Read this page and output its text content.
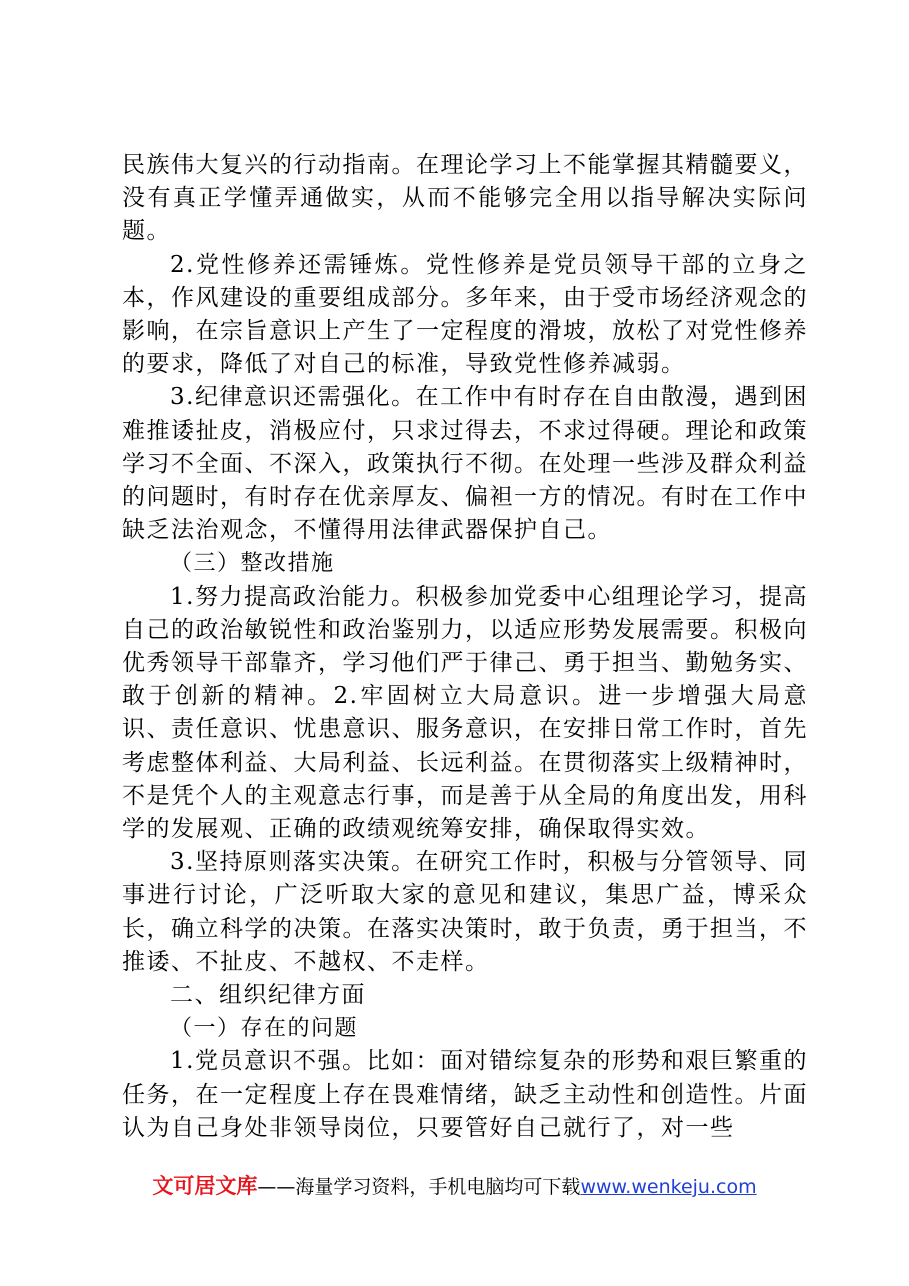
民族伟大复兴的行动指南。在理论学习上不能掌握其精髓要义，没有真正学懂弄通做实，从而不能够完全用以指导解决实际问题。

2.党性修养还需锤炼。党性修养是党员领导干部的立身之本，作风建设的重要组成部分。多年来，由于受市场经济观念的影响，在宗旨意识上产生了一定程度的滑坡，放松了对党性修养的要求，降低了对自己的标准，导致党性修养减弱。

3.纪律意识还需强化。在工作中有时存在自由散漫，遇到困难推诿扯皮，消极应付，只求过得去，不求过得硬。理论和政策学习不全面、不深入，政策执行不彻。在处理一些涉及群众利益的问题时，有时存在优亲厚友、偏袒一方的情况。有时在工作中缺乏法治观念，不懂得用法律武器保护自己。

（三）整改措施

1.努力提高政治能力。积极参加党委中心组理论学习，提高自己的政治敏锐性和政治鉴别力，以适应形势发展需要。积极向优秀领导干部靠齐，学习他们严于律己、勇于担当、勤勉务实、敢于创新的精神。2.牢固树立大局意识。进一步增强大局意识、责任意识、忧患意识、服务意识，在安排日常工作时，首先考虑整体利益、大局利益、长远利益。在贯彻落实上级精神时，不是凭个人的主观意志行事，而是善于从全局的角度出发，用科学的发展观、正确的政绩观统筹安排，确保取得实效。

3.坚持原则落实决策。在研究工作时，积极与分管领导、同事进行讨论，广泛听取大家的意见和建议，集思广益，博采众长，确立科学的决策。在落实决策时，敢于负责，勇于担当，不推诿、不扯皮、不越权、不走样。

二、组织纪律方面

（一）存在的问题

1.党员意识不强。比如：面对错综复杂的形势和艰巨繁重的任务，在一定程度上存在畏难情绪，缺乏主动性和创造性。片面认为自己身处非领导岗位，只要管好自己就行了，对一些

文可居文库——海量学习资料，手机电脑均可下载www.wenkeju.com
